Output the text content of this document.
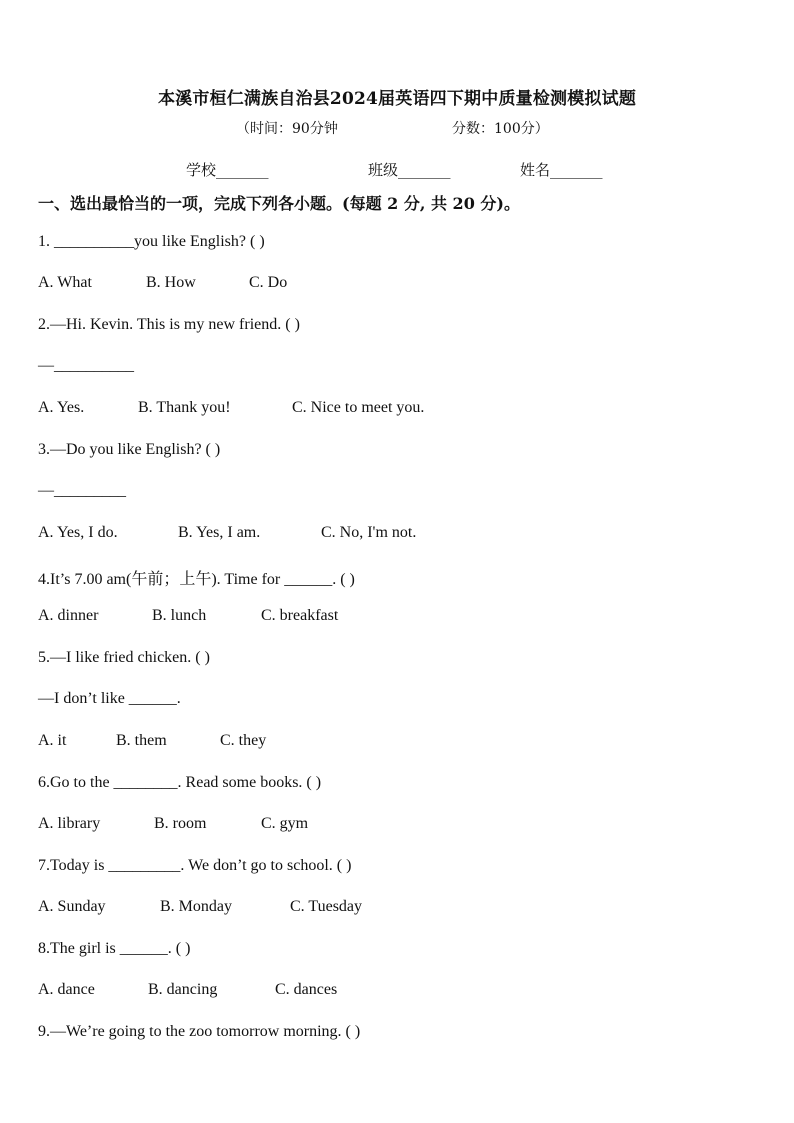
本溪市桓仁满族自治县2024届英语四下期中质量检测模拟试题
（时间：90分钟	分数：100分）
学校_______	班级_______	姓名_______
一、选出最恰当的一项，完成下列各小题。(每题 2 分, 共 20 分)。
1. __________you like English? ( )
A. What	B. How	C. Do
2.—Hi. Kevin. This is my new friend. ( )
—__________
A. Yes.	B. Thank you!	C. Nice to meet you.
3.—Do you like English? ( )
—_________
A. Yes, I do.	B. Yes, I am.	C. No, I'm not.
4.It’s 7.00 am(午前；上午). Time for ______. ( )
A. dinner	B. lunch	C. breakfast
5.—I like fried chicken. ( )
—I don’t like ______.
A. it	B. them	C. they
6.Go to the ________. Read some books. ( )
A. library	B. room	C. gym
7.Today is _________. We don’t go to school. ( )
A. Sunday	B. Monday	C. Tuesday
8.The girl is ______. ( )
A. dance	B. dancing	C. dances
9.—We’re going to the zoo tomorrow morning. ( )
